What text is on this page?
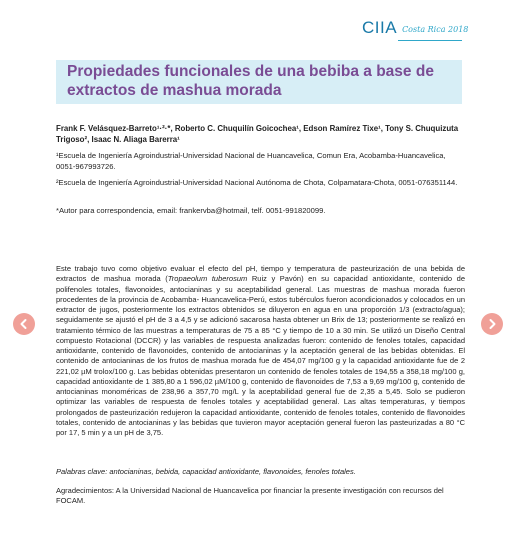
CIIA Costa Rica 2018
Propiedades funcionales de una bebiba a base de extractos de mashua morada

Frank F. Velásquez-Barreto¹·²·*, Roberto C. Chuquilín Goicochea¹, Edson Ramírez Tixe¹, Tony S. Chuquizuta Trigoso², Isaac N. Aliaga Barerra¹

¹Escuela de Ingeniería Agroindustrial-Universidad Nacional de Huancavelica, Comun Era, Acobamba-Huancavelica, 0051-967993726.

²Escuela de Ingeniería Agroindustrial-Universidad Nacional Autónoma de Chota, Colpamatara-Chota, 0051-076351144.

*Autor para correspondencia, email: frankervba@hotmail, telf. 0051-991820099.

Este trabajo tuvo como objetivo evaluar el efecto del pH, tiempo y temperatura de pasteurización de una bebida de extractos de mashua morada (Tropaeolum tuberosum Ruiz y Pavón) en su capacidad antioxidante, contenido de polifenoles totales, flavonoides, antocianinas y su aceptabilidad general. Las muestras de mashua morada fueron procedentes de la provincia de Acobamba- Huancavelica-Perú, estos tubérculos fueron acondicionados y colocados en un extractor de jugos, posteriormente los extractos obtenidos se diluyeron en agua en una proporción 1/3 (extracto/agua); seguidamente se ajustó el pH de 3 a 4,5 y se adicionó sacarosa hasta obtener un Brix de 13; posteriormente se realizó en tratamiento térmico de las muestras a temperaturas de 75 a 85 °C y tiempo de 10 a 30 min. Se utilizó un Diseño Central compuesto Rotacional (DCCR) y las variables de respuesta analizadas fueron: contenido de fenoles totales, capacidad antioxidante, contenido de flavonoides, contenido de antocianinas y la aceptación general de las bebidas obtenidas. El contenido de antocianinas de los frutos de mashua morada fue de 454,07 mg/100 g y la capacidad antioxidante fue de 2 221,02 µM trolox/100 g. Las bebidas obtenidas presentaron un contenido de fenoles totales de 194,55 a 358,18 mg/100 g, capacidad antioxidante de 1 385,80 a 1 596,02 µM/100 g, contenido de flavonoides de 7,53 a 9,69 mg/100 g, contenido de antocianinas monoméricas de 238,96 a 357,70 mg/L y la aceptabilidad general fue de 2,35 a 5,45. Solo se pudieron optimizar las variables de respuesta de fenoles totales y aceptabilidad general. Las altas temperaturas, y tiempos prolongados de pasteurización redujeron la capacidad antioxidante, contenido de fenoles totales, contenido de flavonoides totales, contenido de antocianinas y las bebidas que tuvieron mayor aceptación general fueron las pasteurizadas a 80 °C por 17, 5 min y a un pH de 3,75.

Palabras clave: antocianinas, bebida, capacidad antioxidante, flavonoides, fenoles totales.

Agradecimientos: A la Universidad Nacional de Huancavelica por financiar la presente investigación con recursos del FOCAM.
